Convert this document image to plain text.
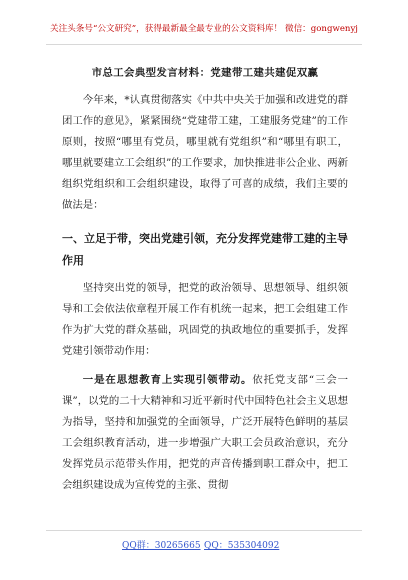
关注头条号“公文研究”，获得最新最全最专业的公文资料库！ 微信：gongwenyj
市总工会典型发言材料：党建带工建共建促双赢

今年来，*认真贯彻落实《中共中央关于加强和改进党的群团工作的意见》，紧紧围绕“党建带工建，工建服务党建”的工作原则，按照“哪里有党员，哪里就有党组织”和“哪里有职工，哪里就要建立工会组织”的工作要求，加快推进非公企业、两新组织党组织和工会组织建设，取得了可喜的成绩，我们主要的做法是：

一、立足于带，突出党建引领，充分发挥党建带工建的主导作用

坚持突出党的领导，把党的政治领导、思想领导、组织领导和工会依法依章程开展工作有机统一起来，把工会组建工作作为扩大党的群众基础，巩固党的执政地位的重要抓手，发挥党建引领带动作用：

一是在思想教育上实现引领带动。依托党支部“三会一课”，以党的二十大精神和习近平新时代中国特色社会主义思想为指导，坚持和加强党的全面领导，广泛开展特色鲜明的基层工会组织教育活动，进一步增强广大职工会员政治意识，充分发挥党员示范带头作用，把党的声音传播到职工群众中，把工会组织建设成为宣传党的主张、贯彻

QQ群：30265665 QQ：535304092
